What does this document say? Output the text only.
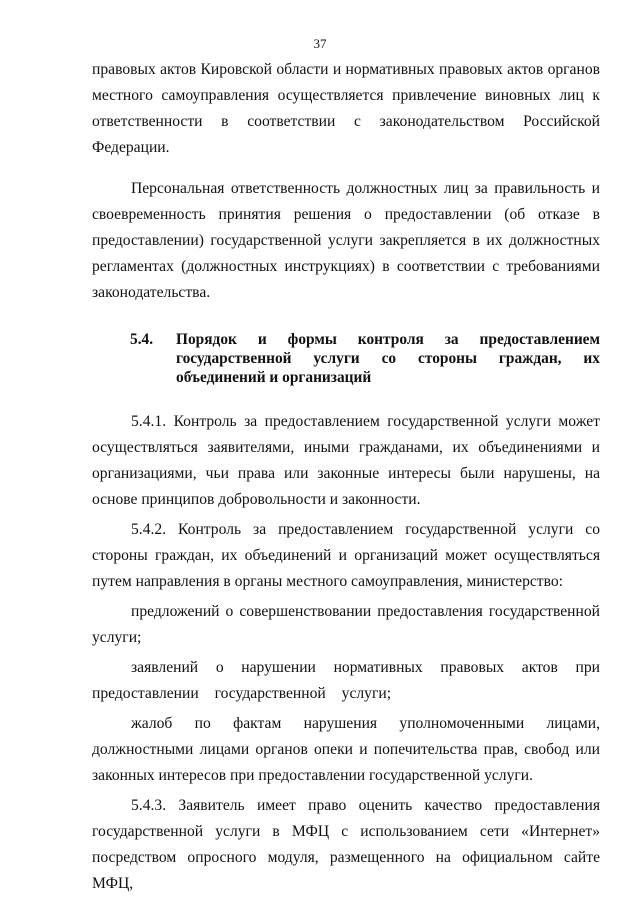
37

правовых актов Кировской области и нормативных правовых актов органов местного самоуправления осуществляется привлечение виновных лиц к ответственности в соответствии с законодательством Российской Федерации.

Персональная ответственность должностных лиц за правильность и своевременность принятия решения о предоставлении (об отказе в предоставлении) государственной услуги закрепляется в их должностных регламентах (должностных инструкциях) в соответствии с требованиями законодательства.

5.4.	Порядок и формы контроля за предоставлением государственной услуги со стороны граждан, их объединений и организаций

5.4.1. Контроль за предоставлением государственной услуги может осуществляться заявителями, иными гражданами, их объединениями и организациями, чьи права или законные интересы были нарушены, на основе принципов добровольности и законности.

5.4.2. Контроль за предоставлением государственной услуги со стороны граждан, их объединений и организаций может осуществляться путем направления в органы местного самоуправления, министерство:

предложений о совершенствовании предоставления государственной услуги;

заявлений о нарушении нормативных правовых актов при предоставлении государственной услуги;

жалоб по фактам нарушения уполномоченными лицами, должностными лицами органов опеки и попечительства прав, свобод или законных интересов при предоставлении государственной услуги.

5.4.3. Заявитель имеет право оценить качество предоставления государственной услуги в МФЦ с использованием сети «Интернет» посредством опросного модуля, размещенного на официальном сайте МФЦ,
